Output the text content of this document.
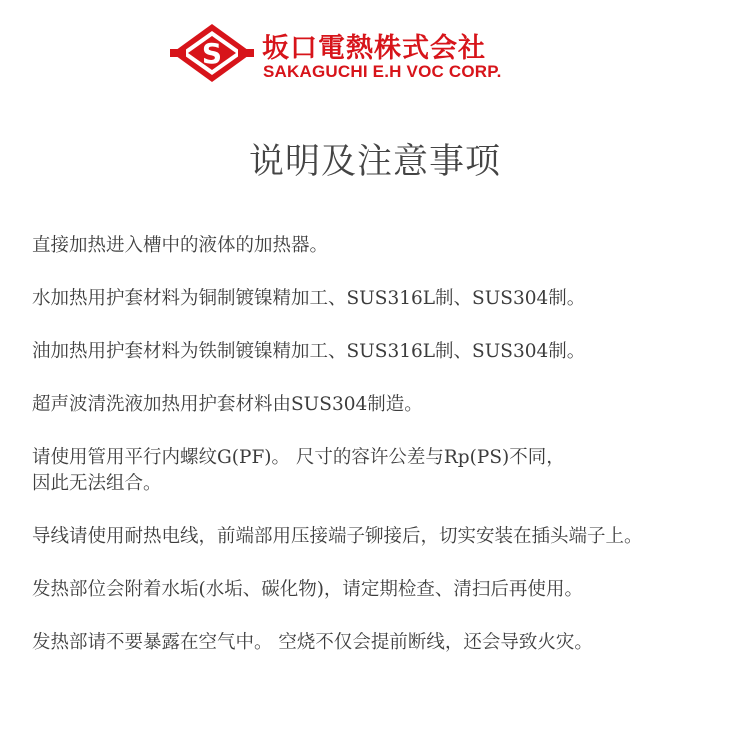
S 坂口電熱株式会社
SAKAGUCHI E.H VOC CORP.
说明及注意事项
直接加热进入槽中的液体的加热器。
水加热用护套材料为铜制镀镍精加工、SUS316L制、SUS304制。
油加热用护套材料为铁制镀镍精加工、SUS316L制、SUS304制。
超声波清洗液加热用护套材料由SUS304制造。
请使用管用平行内螺纹G(PF)。 尺寸的容许公差与Rp(PS)不同，
因此无法组合。
导线请使用耐热电线，前端部用压接端子铆接后，切实安装在插头端子上。
发热部位会附着水垢(水垢、碳化物)，请定期检查、清扫后再使用。
发热部请不要暴露在空气中。 空烧不仅会提前断线，还会导致火灾。
